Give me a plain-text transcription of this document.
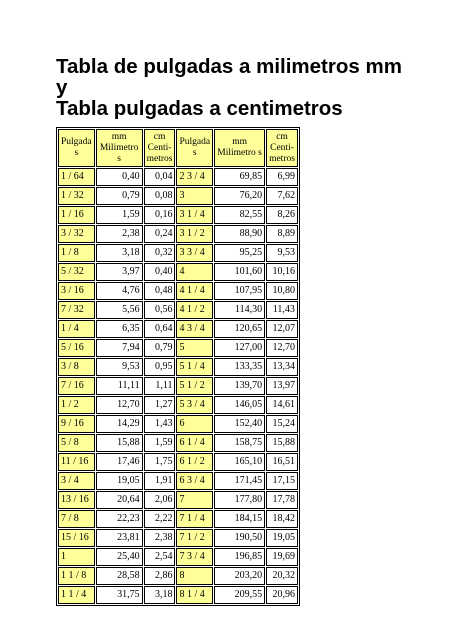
Tabla de pulgadas a milimetros mm
y
Tabla pulgadas a centimetros
Pulgada s	mm Milimetro s	cm Centi- metros	Pulgada s	mm Milimetro s	cm Centi- metros
1 / 64	0,40	0,04	2 3 / 4	69,85	6,99
1 / 32	0,79	0,08	3	76,20	7,62
1 / 16	1,59	0,16	3 1 / 4	82,55	8,26
3 / 32	2,38	0,24	3 1 / 2	88,90	8,89
1 / 8	3,18	0,32	3 3 / 4	95,25	9,53
5 / 32	3,97	0,40	4	101,60	10,16
3 / 16	4,76	0,48	4 1 / 4	107,95	10,80
7 / 32	5,56	0,56	4 1 / 2	114,30	11,43
1 / 4	6,35	0,64	4 3 / 4	120,65	12,07
5 / 16	7,94	0,79	5	127,00	12,70
3 / 8	9,53	0,95	5 1 / 4	133,35	13,34
7 / 16	11,11	1,11	5 1 / 2	139,70	13,97
1 / 2	12,70	1,27	5 3 / 4	146,05	14,61
9 / 16	14,29	1,43	6	152,40	15,24
5 / 8	15,88	1,59	6 1 / 4	158,75	15,88
11 / 16	17,46	1,75	6 1 / 2	165,10	16,51
3 / 4	19,05	1,91	6 3 / 4	171,45	17,15
13 / 16	20,64	2,06	7	177,80	17,78
7 / 8	22,23	2,22	7 1 / 4	184,15	18,42
15 / 16	23,81	2,38	7 1 / 2	190,50	19,05
1	25,40	2,54	7 3 / 4	196,85	19,69
1 1 / 8	28,58	2,86	8	203,20	20,32
1 1 / 4	31,75	3,18	8 1 / 4	209,55	20,96
